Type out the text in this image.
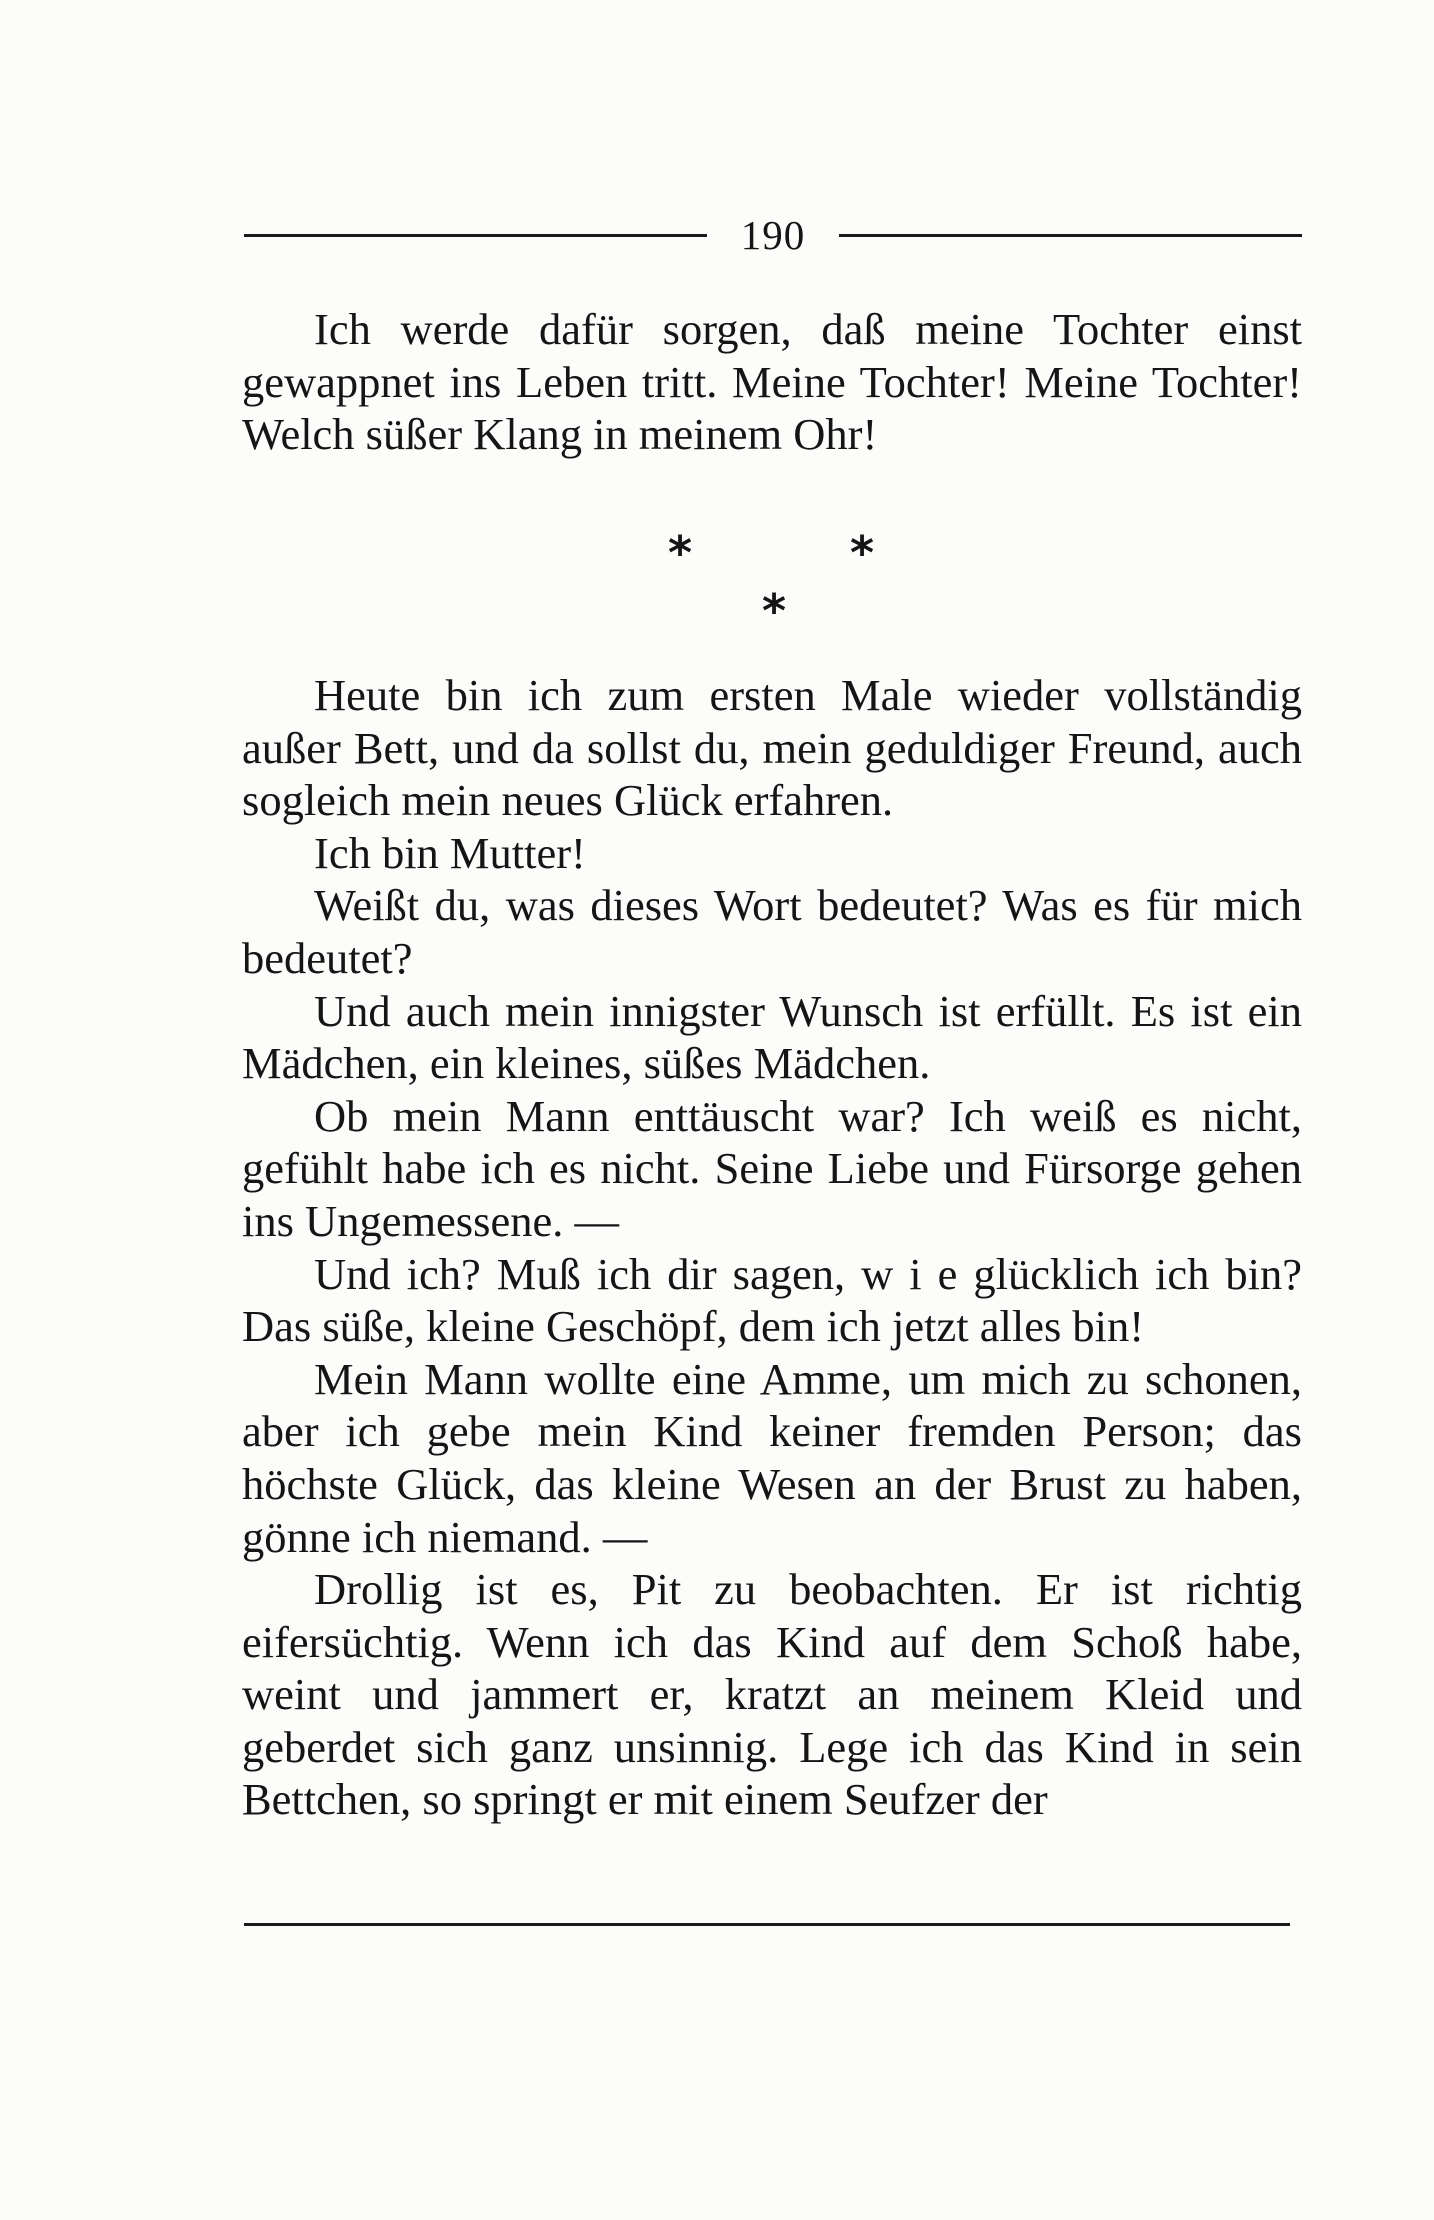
190

Ich werde dafür sorgen, daß meine Tochter einst gewappnet ins Leben tritt. Meine Tochter! Meine Tochter! Welch süßer Klang in meinem Ohr!

*	*
*

Heute bin ich zum ersten Male wieder vollständig außer Bett, und da sollst du, mein geduldiger Freund, auch sogleich mein neues Glück erfahren.

Ich bin Mutter!

Weißt du, was dieses Wort bedeutet? Was es für mich bedeutet?

Und auch mein innigster Wunsch ist erfüllt. Es ist ein Mädchen, ein kleines, süßes Mädchen.

Ob mein Mann enttäuscht war? Ich weiß es nicht, gefühlt habe ich es nicht. Seine Liebe und Fürsorge gehen ins Ungemessene. —

Und ich? Muß ich dir sagen, w i e glücklich ich bin? Das süße, kleine Geschöpf, dem ich jetzt alles bin!

Mein Mann wollte eine Amme, um mich zu schonen, aber ich gebe mein Kind keiner fremden Person; das höchste Glück, das kleine Wesen an der Brust zu haben, gönne ich niemand. —

Drollig ist es, Pit zu beobachten. Er ist richtig eifersüchtig. Wenn ich das Kind auf dem Schoß habe, weint und jammert er, kratzt an meinem Kleid und geberdet sich ganz unsinnig. Lege ich das Kind in sein Bettchen, so springt er mit einem Seufzer der
